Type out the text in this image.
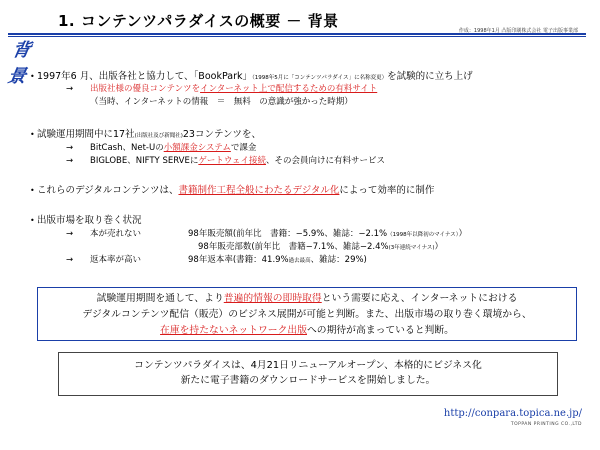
1. コンテンツパラダイスの概要 － 背景
作成：1998年1月 凸版印刷株式会社 電子出版事業部
背景 • 1997年6 月、出版各社と協力して、「BookPark」（1998年5月に「コンテンツパラダイス」に名称変更）を試験的に立ち上げ
→ 出版社様の優良コンテンツをインターネット上で配信するための有料サイト
（当時、インターネットの情報　＝　無料　の意識が強かった時期）
• 試験運用期間中に17社(出版社及び新聞社)23コンテンツを、
→ BitCash、Net-Uの小額課金システムで課金
→ BIGLOBE、NIFTY SERVEにゲートウェイ接続、その会員向けに有料サービス
• これらのデジタルコンテンツは、書籍制作工程全般にわたるデジタル化によって効率的に制作
• 出版市場を取り巻く状況
→ 本が売れない	98年販売額(前年比　書籍：−5.9%、雑誌：−2.1%（1998年以降初のマイナス））
98年販売部数(前年比　書籍−7.1%、雑誌−2.4%(3年連続マイナス)）
→ 返本率が高い	98年返本率(書籍：41.9%過去最高、雑誌：29%)
試験運用期間を通して、より普遍的情報の即時取得という需要に応え、インターネットにおける
デジタルコンテンツ配信（販売）のビジネス展開が可能と判断。また、出版市場の取り巻く環境から、
在庫を持たないネットワーク出版への期待が高まっていると判断。
コンテンツパラダイスは、4月21日リニューアルオープン、本格的にビジネス化
新たに電子書籍のダウンロードサービスを開始しました。
http://conpara.topica.ne.jp/
TOPPAN PRINTING CO.,LTD
